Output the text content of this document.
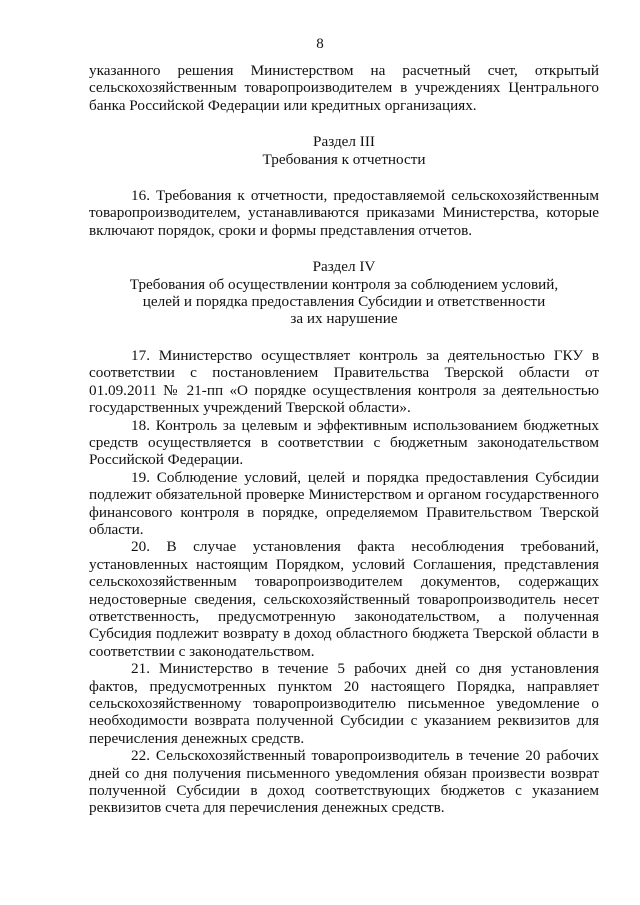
8

указанного решения Министерством на расчетный счет, открытый сельскохозяйственным товаропроизводителем в учреждениях Центрального банка Российской Федерации или кредитных организациях.

Раздел III

Требования к отчетности

16. Требования к отчетности, предоставляемой сельскохозяйственным товаропроизводителем, устанавливаются приказами Министерства, которые включают порядок, сроки и формы представления отчетов.

Раздел IV

Требования об осуществлении контроля за соблюдением условий,

целей и порядка предоставления Субсидии и ответственности

за их нарушение

17. Министерство осуществляет контроль за деятельностью ГКУ в соответствии с постановлением Правительства Тверской области от 01.09.2011 № 21-пп «О порядке осуществления контроля за деятельностью государственных учреждений Тверской области».

18. Контроль за целевым и эффективным использованием бюджетных средств осуществляется в соответствии с бюджетным законодательством Российской Федерации.

19. Соблюдение условий, целей и порядка предоставления Субсидии подлежит обязательной проверке Министерством и органом государственного финансового контроля в порядке, определяемом Правительством Тверской области.

20. В случае установления факта несоблюдения требований, установленных настоящим Порядком, условий Соглашения, представления сельскохозяйственным товаропроизводителем документов, содержащих недостоверные сведения, сельскохозяйственный товаропроизводитель несет ответственность, предусмотренную законодательством, а полученная Субсидия подлежит возврату в доход областного бюджета Тверской области в соответствии с законодательством.

21. Министерство в течение 5 рабочих дней со дня установления фактов, предусмотренных пунктом 20 настоящего Порядка, направляет сельскохозяйственному товаропроизводителю письменное уведомление о необходимости возврата полученной Субсидии с указанием реквизитов для перечисления денежных средств.

22. Сельскохозяйственный товаропроизводитель в течение 20 рабочих дней со дня получения письменного уведомления обязан произвести возврат полученной Субсидии в доход соответствующих бюджетов с указанием реквизитов счета для перечисления денежных средств.
